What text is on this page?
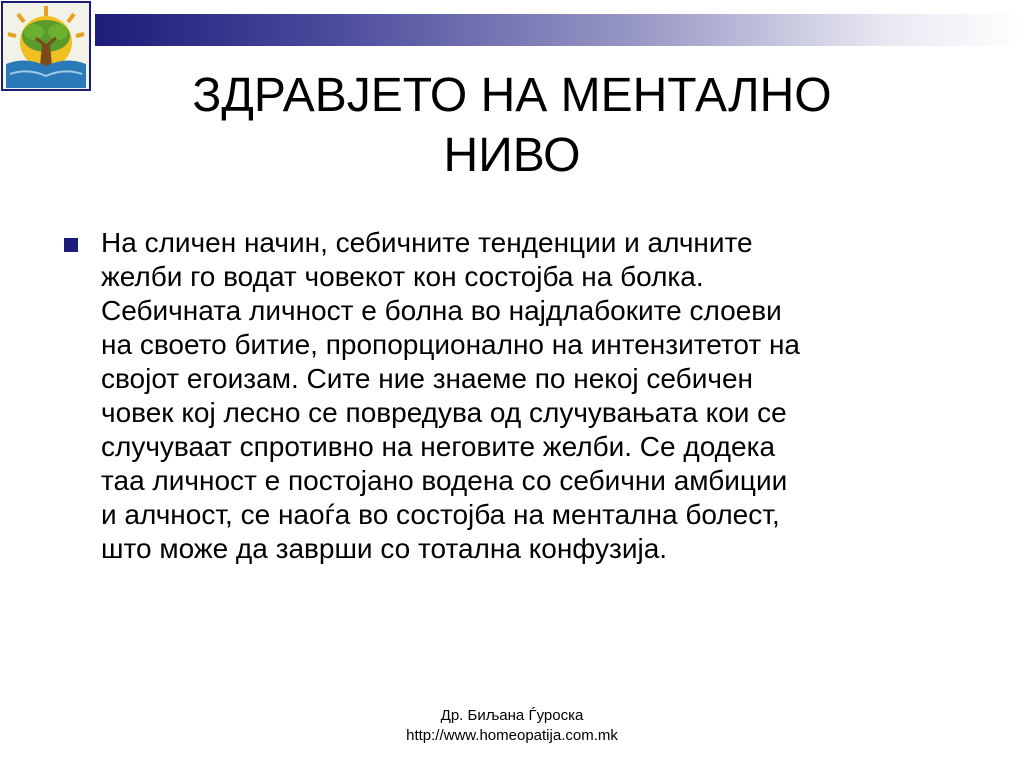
ЗДРАВЈЕТО НА МЕНТАЛНО
НИВО

На сличен начин, себичните тенденции и алчните
желби го водат човекот кон состојба на болка.
Себичната личност е болна во најдлабоките слоеви
на своето битие, пропорционално на интензитетот на
својот егоизам. Сите ние знаеме по некој себичен
човек кој лесно се повредува од случувањата кои се
случуваат спротивно на неговите желби. Се додека
таа личност е постојано водена со себични амбиции
и алчност, се наоѓа во состојба на ментална болест,
што може да заврши со тотална конфузија.

Др. Биљана Ѓуроска
http://www.homeopatija.com.mk
